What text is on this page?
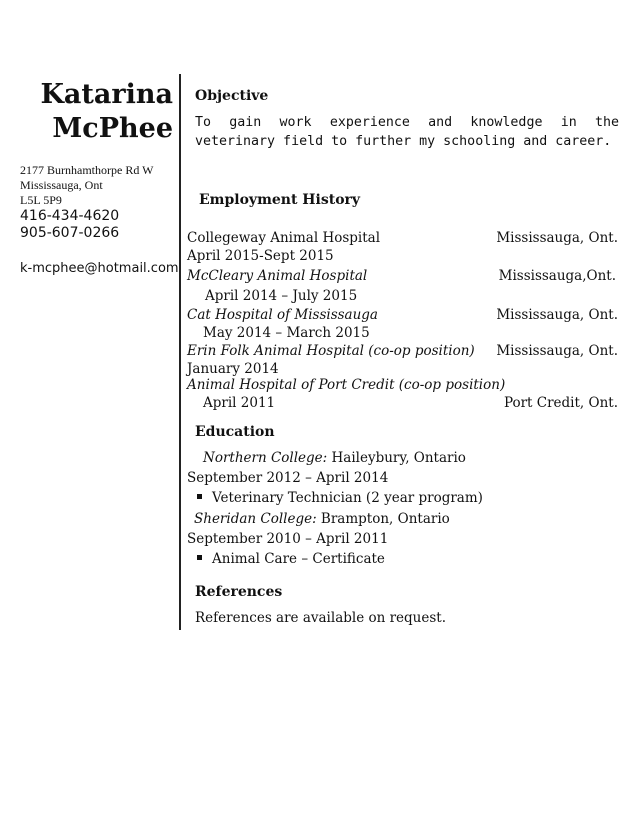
Katarina
McPhee
2177 Burnhamthorpe Rd W
Mississauga, Ont
L5L 5P9
416-434-4620
905-607-0266
k-mcphee@hotmail.com
Objective
To gain work experience and knowledge in the veterinary field to further my schooling and career.
Employment History
Collegeway Animal Hospital	Mississauga, Ont.
April 2015-Sept 2015
McCleary Animal Hospital	Mississauga,Ont.
April 2014 – July 2015
Cat Hospital of Mississauga	Mississauga, Ont.
May 2014 – March 2015
Erin Folk Animal Hospital (co-op position) Mississauga, Ont.
January 2014
Animal Hospital of Port Credit (co-op position)
April 2011	Port Credit, Ont.
Education
Northern College: Haileybury, Ontario
September 2012 – April 2014
Veterinary Technician (2 year program)
Sheridan College: Brampton, Ontario
September 2010 – April 2011
Animal Care – Certificate
References
References are available on request.
